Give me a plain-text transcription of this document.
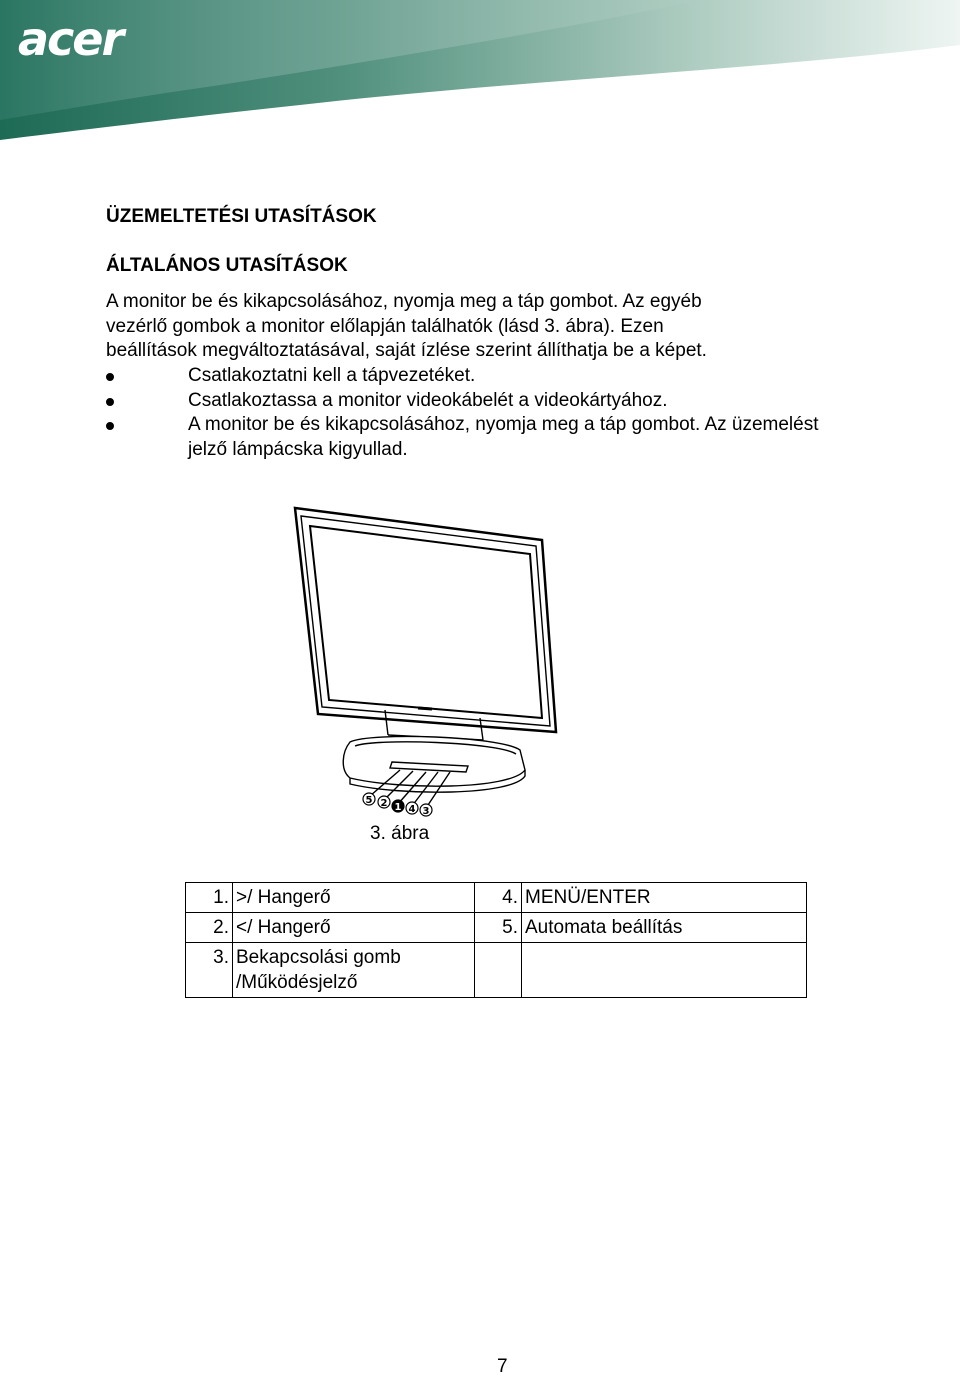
acer
ÜZEMELTETÉSI UTASÍTÁSOK
ÁLTALÁNOS UTASÍTÁSOK
A monitor be és kikapcsolásához, nyomja meg a táp gombot. Az egyéb
vezérlő gombok a monitor előlapján találhatók (lásd 3. ábra). Ezen
beállítások megváltoztatásával, saját ízlése szerint állíthatja be a képet.
Csatlakoztatni kell a tápvezetéket.
Csatlakoztassa a monitor videokábelét a videokártyához.
A monitor be és kikapcsolásához, nyomja meg a táp gombot. Az üzemelést
jelző lámpácska kigyullad.
5 2 1 4 3
3. ábra
1.	>/ Hangerő	4.	MENÜ/ENTER
2.	</ Hangerő	5.	Automata beállítás
3.	Bekapcsolási gomb
/Működésjelző		

7
